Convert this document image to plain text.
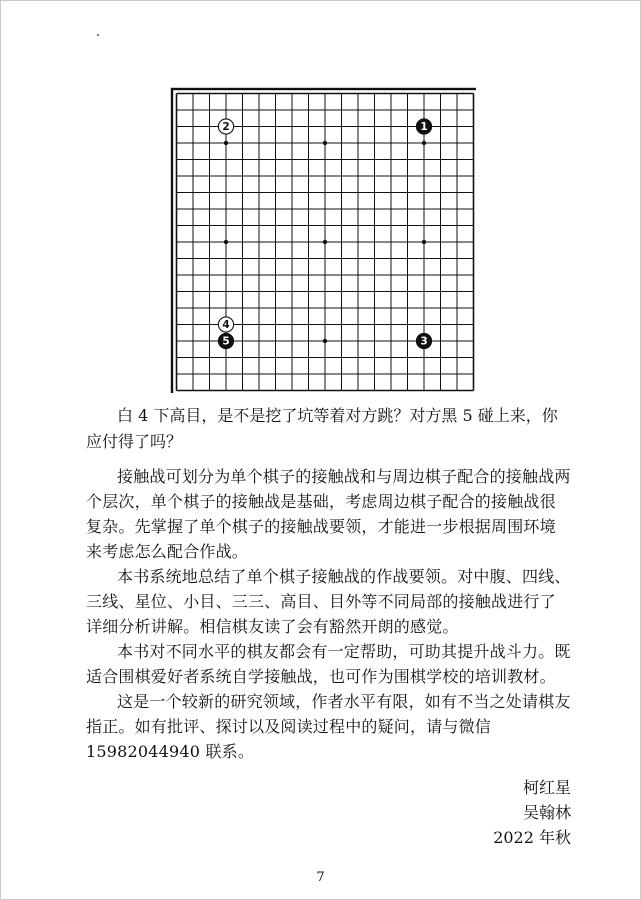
1
2
3
4
5

白 4 下高目，是不是挖了坑等着对方跳？对方黑 5 碰上来，你应付得了吗？

接触战可划分为单个棋子的接触战和与周边棋子配合的接触战两个层次，单个棋子的接触战是基础，考虑周边棋子配合的接触战很复杂。先掌握了单个棋子的接触战要领，才能进一步根据周围环境来考虑怎么配合作战。

本书系统地总结了单个棋子接触战的作战要领。对中腹、四线、三线、星位、小目、三三、高目、目外等不同局部的接触战进行了详细分析讲解。相信棋友读了会有豁然开朗的感觉。

本书对不同水平的棋友都会有一定帮助，可助其提升战斗力。既适合围棋爱好者系统自学接触战，也可作为围棋学校的培训教材。

这是一个较新的研究领域，作者水平有限，如有不当之处请棋友指正。如有批评、探讨以及阅读过程中的疑问，请与微信 15982044940 联系。

柯红星
吴翰林
2022 年秋
7
